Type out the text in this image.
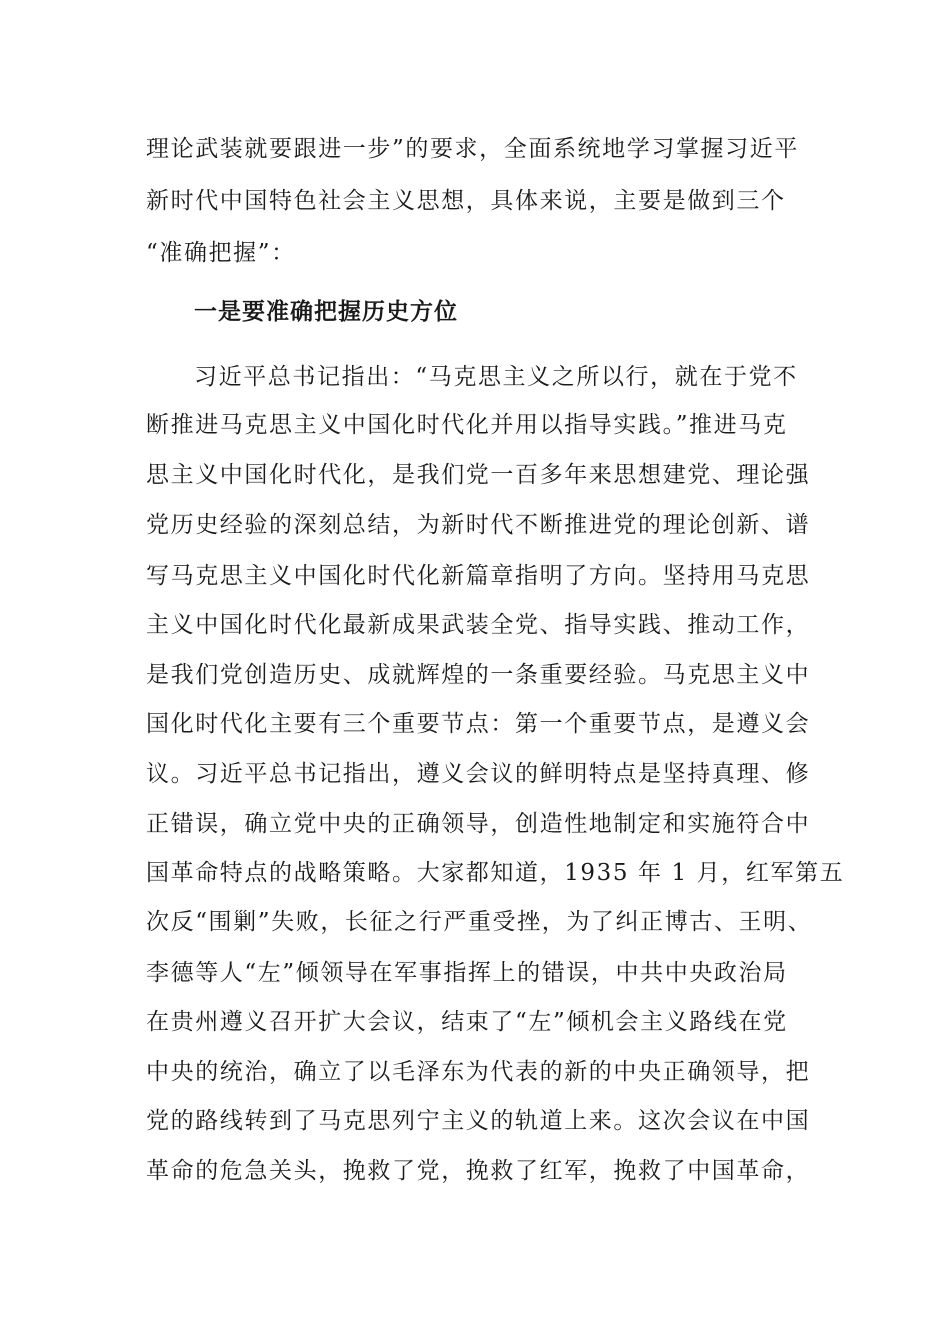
理论武装就要跟进一步”的要求，全面系统地学习掌握习近平

新时代中国特色社会主义思想，具体来说，主要是做到三个

“准确把握”：

一是要准确把握历史方位

习近平总书记指出：“马克思主义之所以行，就在于党不

断推进马克思主义中国化时代化并用以指导实践。”推进马克

思主义中国化时代化，是我们党一百多年来思想建党、理论强

党历史经验的深刻总结，为新时代不断推进党的理论创新、谱

写马克思主义中国化时代化新篇章指明了方向。坚持用马克思

主义中国化时代化最新成果武装全党、指导实践、推动工作，

是我们党创造历史、成就辉煌的一条重要经验。马克思主义中

国化时代化主要有三个重要节点：第一个重要节点，是遵义会

议。习近平总书记指出，遵义会议的鲜明特点是坚持真理、修

正错误，确立党中央的正确领导，创造性地制定和实施符合中

国革命特点的战略策略。大家都知道，1935 年 1 月，红军第五

次反“围剿”失败，长征之行严重受挫，为了纠正博古、王明、

李德等人“左”倾领导在军事指挥上的错误，中共中央政治局

在贵州遵义召开扩大会议，结束了“左”倾机会主义路线在党

中央的统治，确立了以毛泽东为代表的新的中央正确领导，把

党的路线转到了马克思列宁主义的轨道上来。这次会议在中国

革命的危急关头，挽救了党，挽救了红军，挽救了中国革命，
